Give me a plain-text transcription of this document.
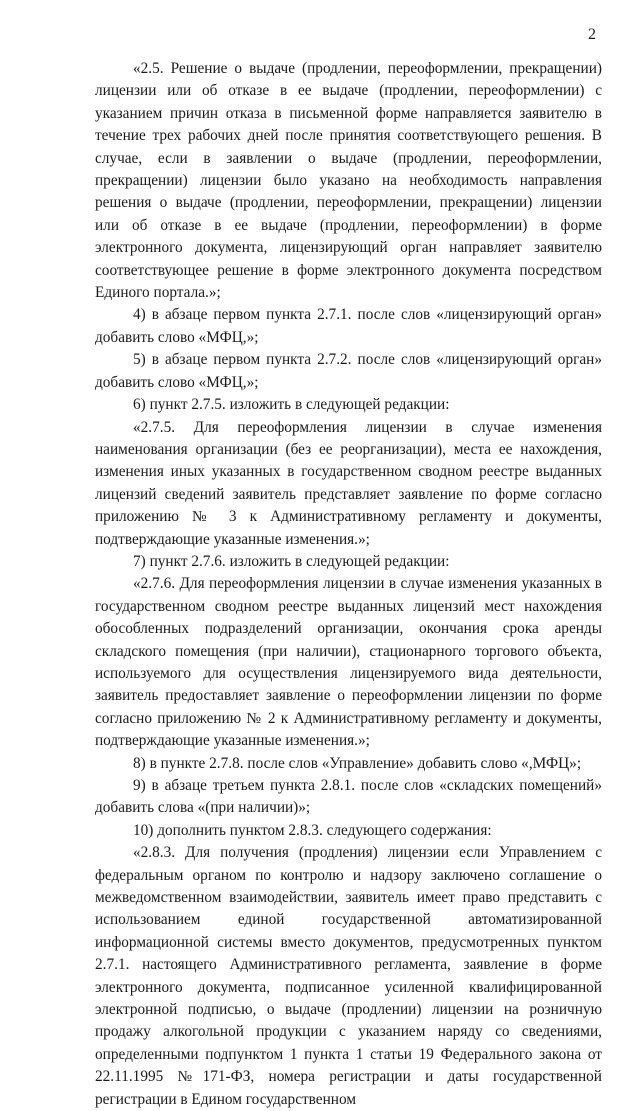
2

«2.5. Решение о выдаче (продлении, переоформлении, прекращении) лицензии или об отказе в ее выдаче (продлении, переоформлении) с указанием причин отказа в письменной форме направляется заявителю в течение трех рабочих дней после принятия соответствующего решения. В случае, если в заявлении о выдаче (продлении, переоформлении, прекращении) лицензии было указано на необходимость направления решения о выдаче (продлении, переоформлении, прекращении) лицензии или об отказе в ее выдаче (продлении, переоформлении) в форме электронного документа, лицензирующий орган направляет заявителю соответствующее решение в форме электронного документа посредством Единого портала.»;

4) в абзаце первом пункта 2.7.1. после слов «лицензирующий орган» добавить слово «МФЦ,»;

5) в абзаце первом пункта 2.7.2. после слов «лицензирующий орган» добавить слово «МФЦ,»;

6) пункт 2.7.5. изложить в следующей редакции:

«2.7.5. Для переоформления лицензии в случае изменения наименования организации (без ее реорганизации), места ее нахождения, изменения иных указанных в государственном сводном реестре выданных лицензий сведений заявитель представляет заявление по форме согласно приложению № 3 к Административному регламенту и документы, подтверждающие указанные изменения.»;

7) пункт 2.7.6. изложить в следующей редакции:

«2.7.6. Для переоформления лицензии в случае изменения указанных в государственном сводном реестре выданных лицензий мест нахождения обособленных подразделений организации, окончания срока аренды складского помещения (при наличии), стационарного торгового объекта, используемого для осуществления лицензируемого вида деятельности, заявитель предоставляет заявление о переоформлении лицензии по форме согласно приложению № 2 к Административному регламенту и документы, подтверждающие указанные изменения.»;

8) в пункте 2.7.8. после слов «Управление» добавить слово «,МФЦ»;

9) в абзаце третьем пункта 2.8.1. после слов «складских помещений» добавить слова «(при наличии)»;

10) дополнить пунктом 2.8.3. следующего содержания:

«2.8.3. Для получения (продления) лицензии если Управлением с федеральным органом по контролю и надзору заключено соглашение о межведомственном взаимодействии, заявитель имеет право представить с использованием единой государственной автоматизированной информационной системы вместо документов, предусмотренных пунктом 2.7.1. настоящего Административного регламента, заявление в форме электронного документа, подписанное усиленной квалифицированной электронной подписью, о выдаче (продлении) лицензии на розничную продажу алкогольной продукции с указанием наряду со сведениями, определенными подпунктом 1 пункта 1 статьи 19 Федерального закона от 22.11.1995 №171-ФЗ, номера регистрации и даты государственной регистрации в Едином государственном
